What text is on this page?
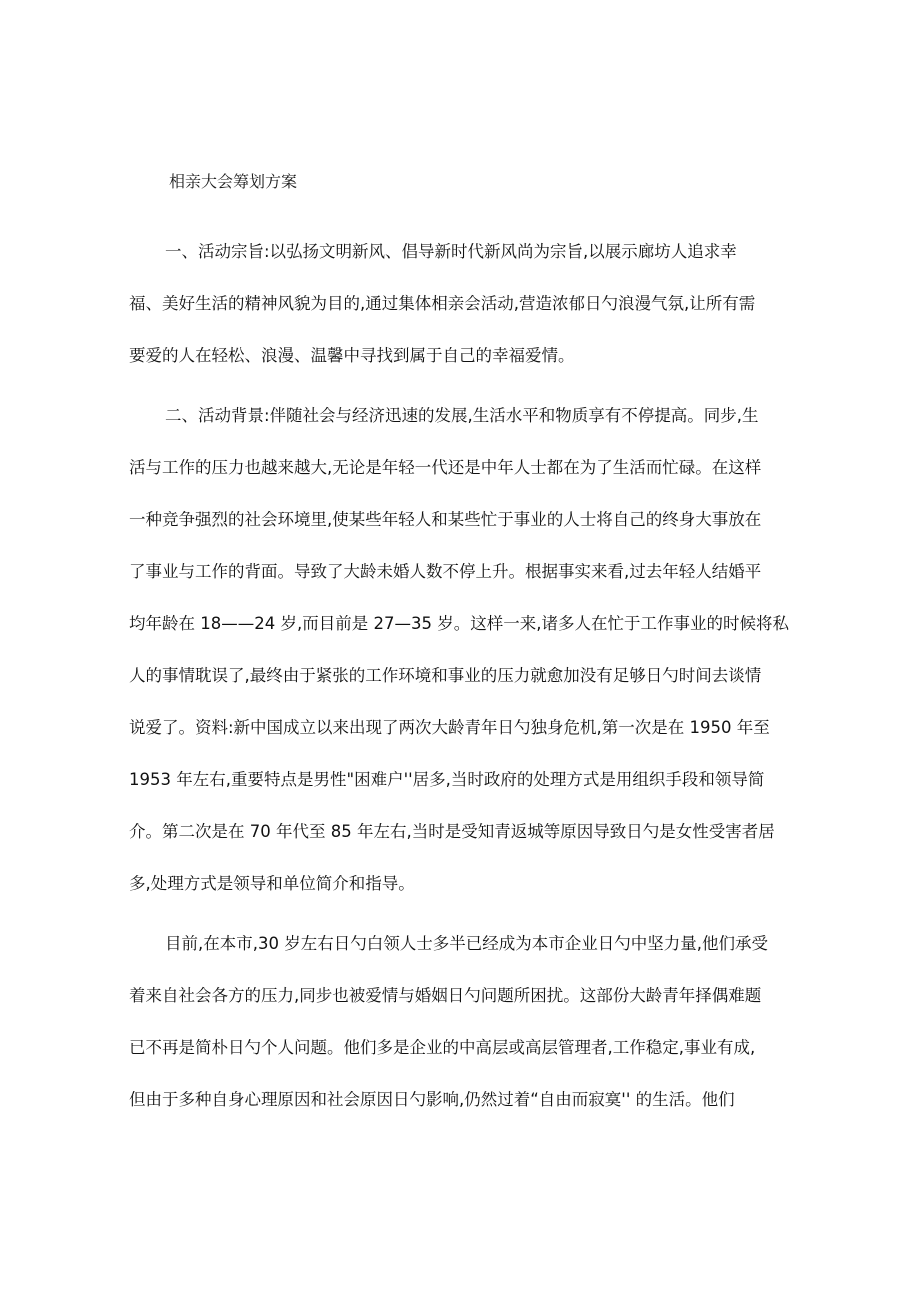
相亲大会筹划方案
一、活动宗旨:以弘扬文明新风、倡导新时代新风尚为宗旨,以展示廊坊人追求幸
福、美好生活的精神风貌为目的,通过集体相亲会活动,营造浓郁日勺浪漫气氛,让所有需
要爱的人在轻松、浪漫、温馨中寻找到属于自己的幸福爱情。
二、活动背景:伴随社会与经济迅速的发展,生活水平和物质享有不停提高。同步,生
活与工作的压力也越来越大,无论是年轻一代还是中年人士都在为了生活而忙碌。在这样
一种竞争强烈的社会环境里,使某些年轻人和某些忙于事业的人士将自己的终身大事放在
了事业与工作的背面。导致了大龄未婚人数不停上升。根据事实来看,过去年轻人结婚平
均年龄在 18——24 岁,而目前是 27—35 岁。这样一来,诸多人在忙于工作事业的时候将私
人的事情耽误了,最终由于紧张的工作环境和事业的压力就愈加没有足够日勺时间去谈情
说爱了。资料:新中国成立以来出现了两次大龄青年日勺独身危机,第一次是在 1950 年至
1953 年左右,重要特点是男性"困难户''居多,当时政府的处理方式是用组织手段和领导简
介。第二次是在 70 年代至 85 年左右,当时是受知青返城等原因导致日勺是女性受害者居
多,处理方式是领导和单位简介和指导。
目前,在本市,30 岁左右日勺白领人士多半已经成为本市企业日勺中坚力量,他们承受
着来自社会各方的压力,同步也被爱情与婚姻日勺问题所困扰。这部份大龄青年择偶难题
已不再是简朴日勺个人问题。他们多是企业的中高层或高层管理者,工作稳定,事业有成,
但由于多种自身心理原因和社会原因日勺影响,仍然过着“自由而寂寞'' 的生活。他们
